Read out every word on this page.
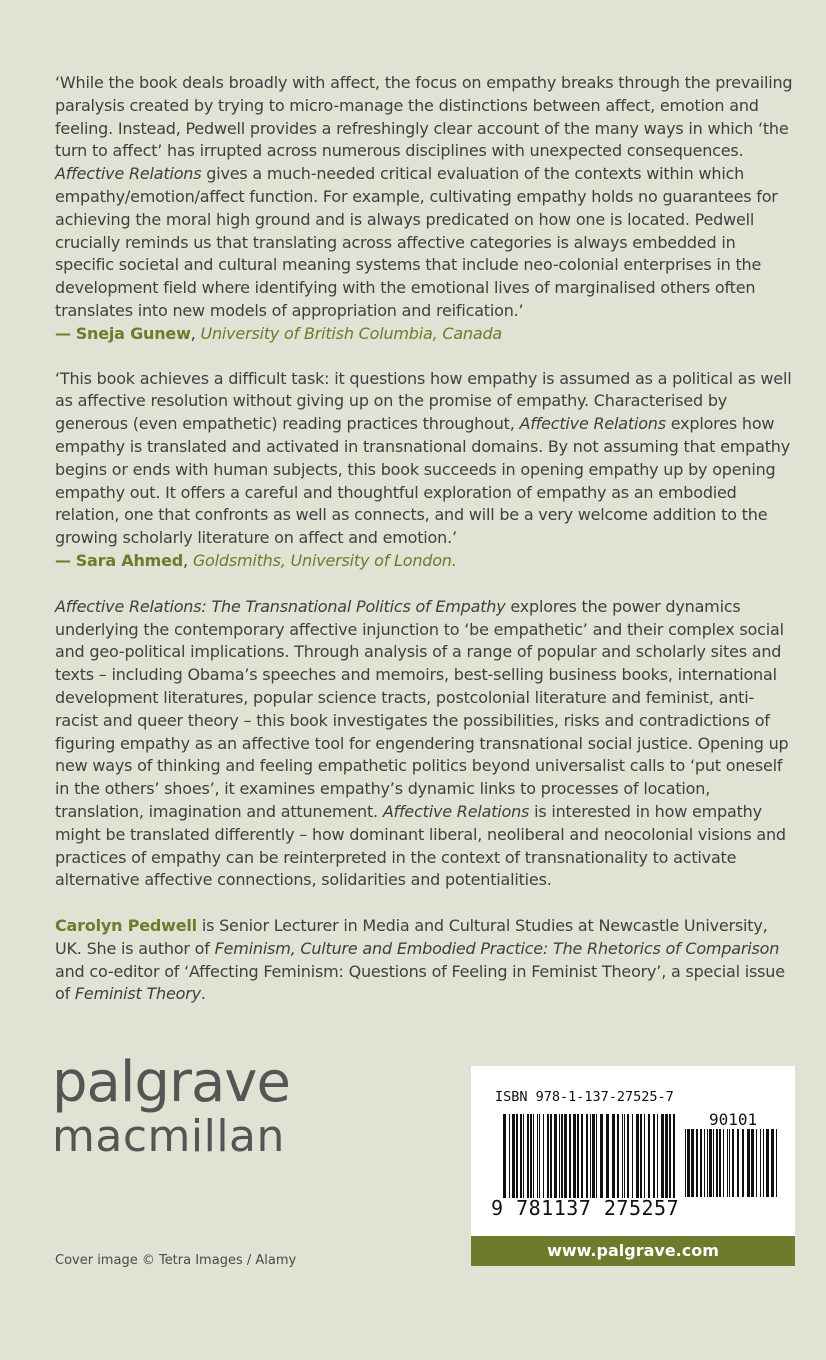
‘While the book deals broadly with affect, the focus on empathy breaks through the prevailing paralysis created by trying to micro-manage the distinctions between affect, emotion and feeling. Instead, Pedwell provides a refreshingly clear account of the many ways in which ‘the turn to affect’ has irrupted across numerous disciplines with unexpected consequences. Affective Relations gives a much-needed critical evaluation of the contexts within which empathy/emotion/affect function. For example, cultivating empathy holds no guarantees for achieving the moral high ground and is always predicated on how one is located. Pedwell crucially reminds us that translating across affective categories is always embedded in specific societal and cultural meaning systems that include neo-colonial enterprises in the development field where identifying with the emotional lives of marginalised others often translates into new models of appropriation and reification.’

— Sneja Gunew, University of British Columbia, Canada

‘This book achieves a difficult task: it questions how empathy is assumed as a political as well as affective resolution without giving up on the promise of empathy. Characterised by generous (even empathetic) reading practices throughout, Affective Relations explores how empathy is translated and activated in transnational domains. By not assuming that empathy begins or ends with human subjects, this book succeeds in opening empathy up by opening empathy out. It offers a careful and thoughtful exploration of empathy as an embodied relation, one that confronts as well as connects, and will be a very welcome addition to the growing scholarly literature on affect and emotion.’

— Sara Ahmed, Goldsmiths, University of London.

Affective Relations: The Transnational Politics of Empathy explores the power dynamics underlying the contemporary affective injunction to ‘be empathetic’ and their complex social and geo-political implications. Through analysis of a range of popular and scholarly sites and texts – including Obama’s speeches and memoirs, best-selling business books, international development literatures, popular science tracts, postcolonial literature and feminist, anti-racist and queer theory – this book investigates the possibilities, risks and contradictions of figuring empathy as an affective tool for engendering transnational social justice. Opening up new ways of thinking and feeling empathetic politics beyond universalist calls to ‘put oneself in the others’ shoes’, it examines empathy’s dynamic links to processes of location, translation, imagination and attunement. Affective Relations is interested in how empathy might be translated differently – how dominant liberal, neoliberal and neocolonial visions and practices of empathy can be reinterpreted in the context of transnationality to activate alternative affective connections, solidarities and potentialities.

Carolyn Pedwell is Senior Lecturer in Media and Cultural Studies at Newcastle University, UK. She is author of Feminism, Culture and Embodied Practice: The Rhetorics of Comparison and co-editor of ‘Affecting Feminism: Questions of Feeling in Feminist Theory’, a special issue of Feminist Theory.

palgrave
macmillan
Cover image © Tetra Images / Alamy
ISBN 978-1-137-27525-7
90101
9 781137 275257
www.palgrave.com
